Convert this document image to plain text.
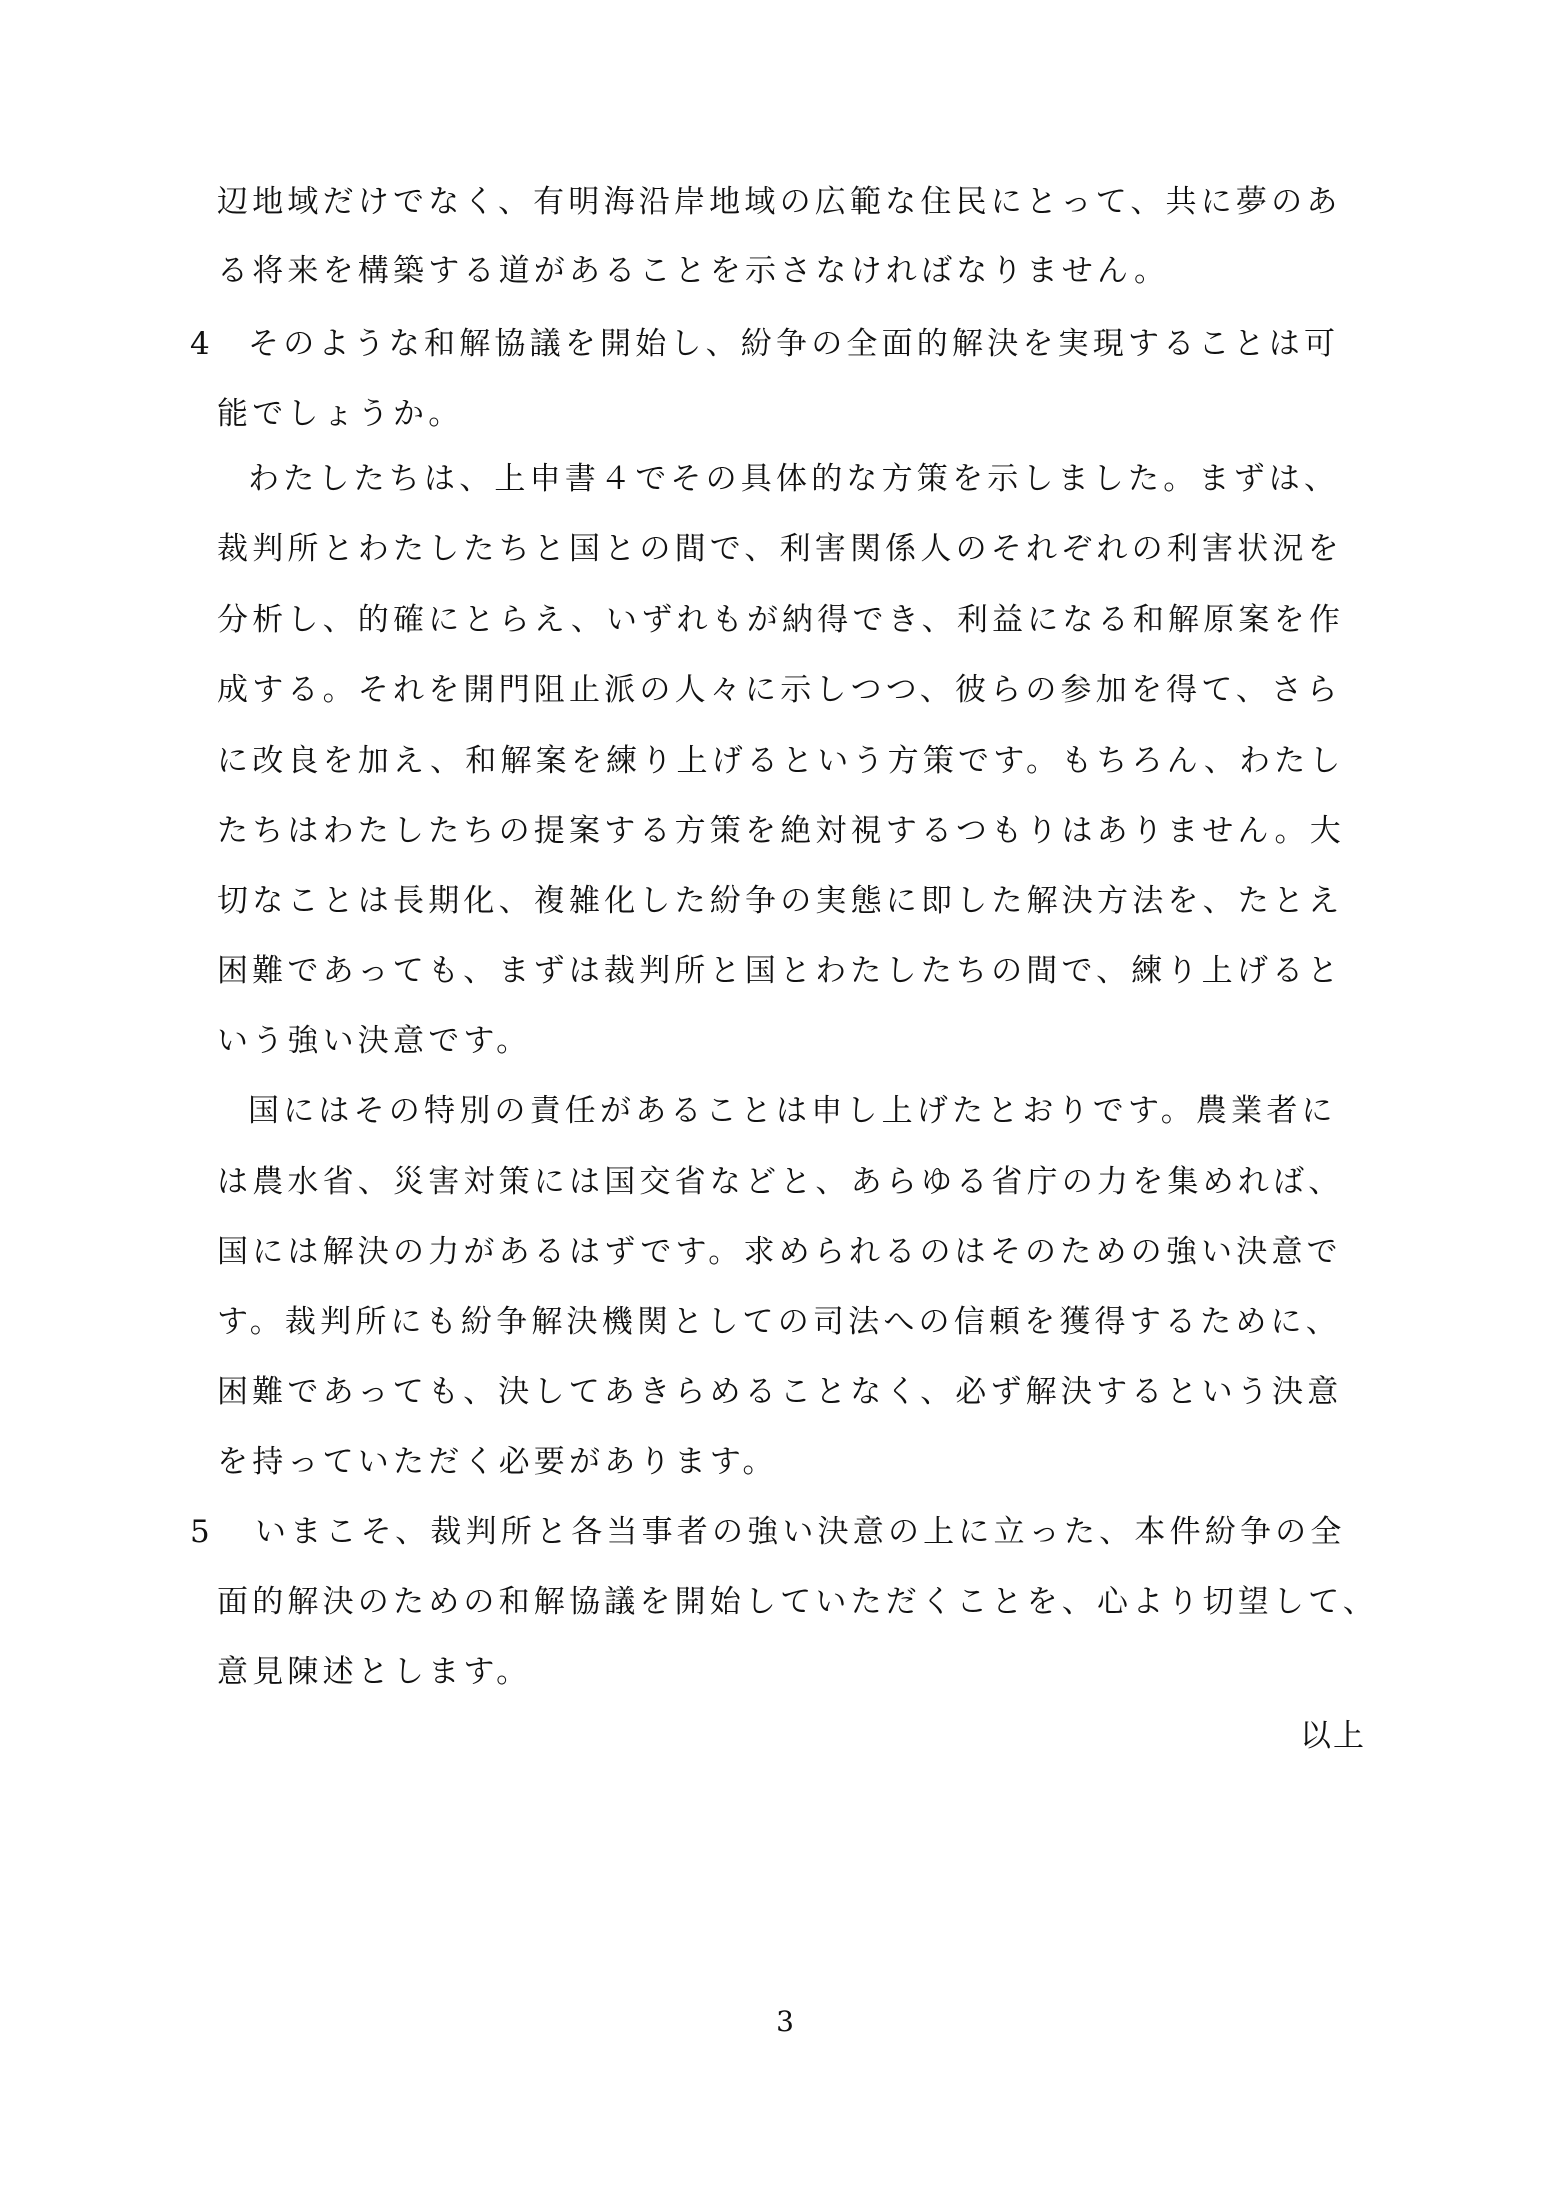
辺地域だけでなく、有明海沿岸地域の広範な住民にとって、共に夢のあ
る将来を構築する道があることを示さなければなりません。
4 そのような和解協議を開始し、紛争の全面的解決を実現することは可
能でしょうか。
わたしたちは、上申書４でその具体的な方策を示しました。まずは、
裁判所とわたしたちと国との間で、利害関係人のそれぞれの利害状況を
分析し、的確にとらえ、いずれもが納得でき、利益になる和解原案を作
成する。それを開門阻止派の人々に示しつつ、彼らの参加を得て、さら
に改良を加え、和解案を練り上げるという方策です。もちろん、わたし
たちはわたしたちの提案する方策を絶対視するつもりはありません。大
切なことは長期化、複雑化した紛争の実態に即した解決方法を、たとえ
困難であっても、まずは裁判所と国とわたしたちの間で、練り上げると
いう強い決意です。
国にはその特別の責任があることは申し上げたとおりです。農業者に
は農水省、災害対策には国交省などと、あらゆる省庁の力を集めれば、
国には解決の力があるはずです。求められるのはそのための強い決意で
す。裁判所にも紛争解決機関としての司法への信頼を獲得するために、
困難であっても、決してあきらめることなく、必ず解決するという決意
を持っていただく必要があります。
5 いまこそ、裁判所と各当事者の強い決意の上に立った、本件紛争の全
面的解決のための和解協議を開始していただくことを、心より切望して、
意見陳述とします。
以上
3
